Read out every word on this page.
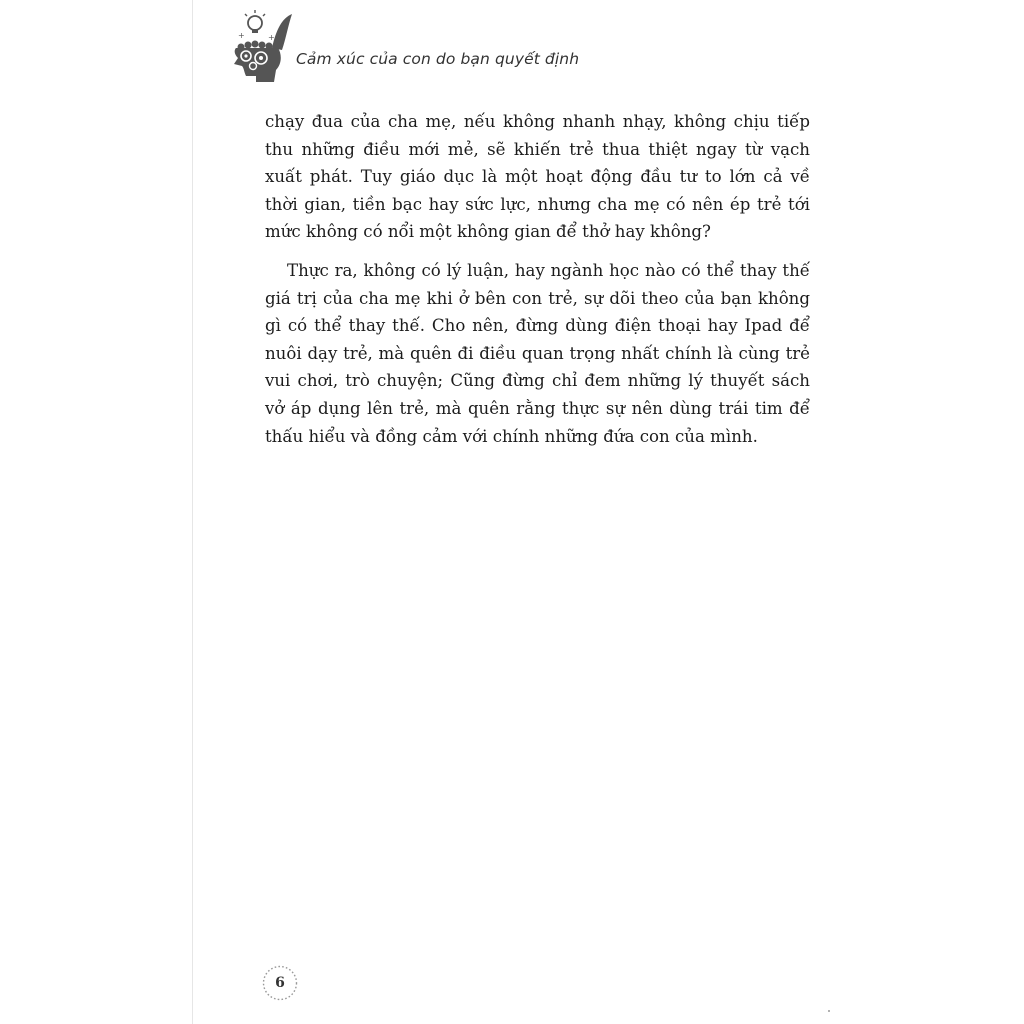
+	+
Cảm xúc của con do bạn quyết định

chạy đua của cha mẹ, nếu không nhanh nhạy, không chịu tiếp thu những điều mới mẻ, sẽ khiến trẻ thua thiệt ngay từ vạch xuất phát. Tuy giáo dục là một hoạt động đầu tư to lớn cả về thời gian, tiền bạc hay sức lực, nhưng cha mẹ có nên ép trẻ tới mức không có nổi một không gian để thở hay không?

Thực ra, không có lý luận, hay ngành học nào có thể thay thế giá trị của cha mẹ khi ở bên con trẻ, sự dõi theo của bạn không gì có thể thay thế. Cho nên, đừng dùng điện thoại hay Ipad để nuôi dạy trẻ, mà quên đi điều quan trọng nhất chính là cùng trẻ vui chơi, trò chuyện; Cũng đừng chỉ đem những lý thuyết sách vở áp dụng lên trẻ, mà quên rằng thực sự nên dùng trái tim để thấu hiểu và đồng cảm với chính những đứa con của mình.

6
